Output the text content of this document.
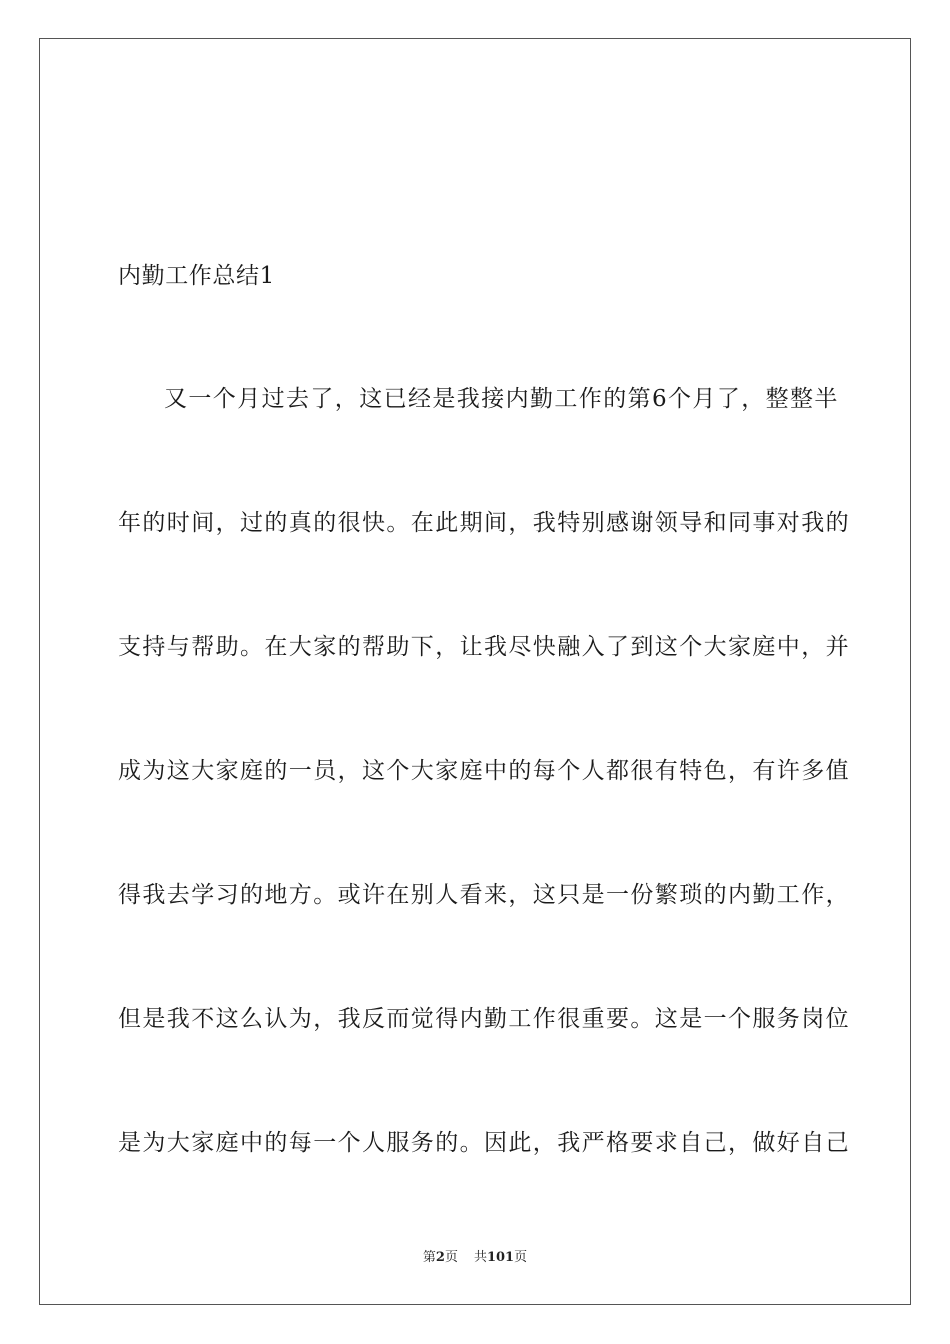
内勤工作总结1
又一个月过去了，这已经是我接内勤工作的第6个月了，整整半
年的时间，过的真的很快。在此期间，我特别感谢领导和同事对我的
支持与帮助。在大家的帮助下，让我尽快融入了到这个大家庭中，并
成为这大家庭的一员，这个大家庭中的每个人都很有特色，有许多值
得我去学习的地方。或许在别人看来，这只是一份繁琐的内勤工作，
但是我不这么认为，我反而觉得内勤工作很重要。这是一个服务岗位
是为大家庭中的每一个人服务的。因此，我严格要求自己，做好自己
第2页 共101页
